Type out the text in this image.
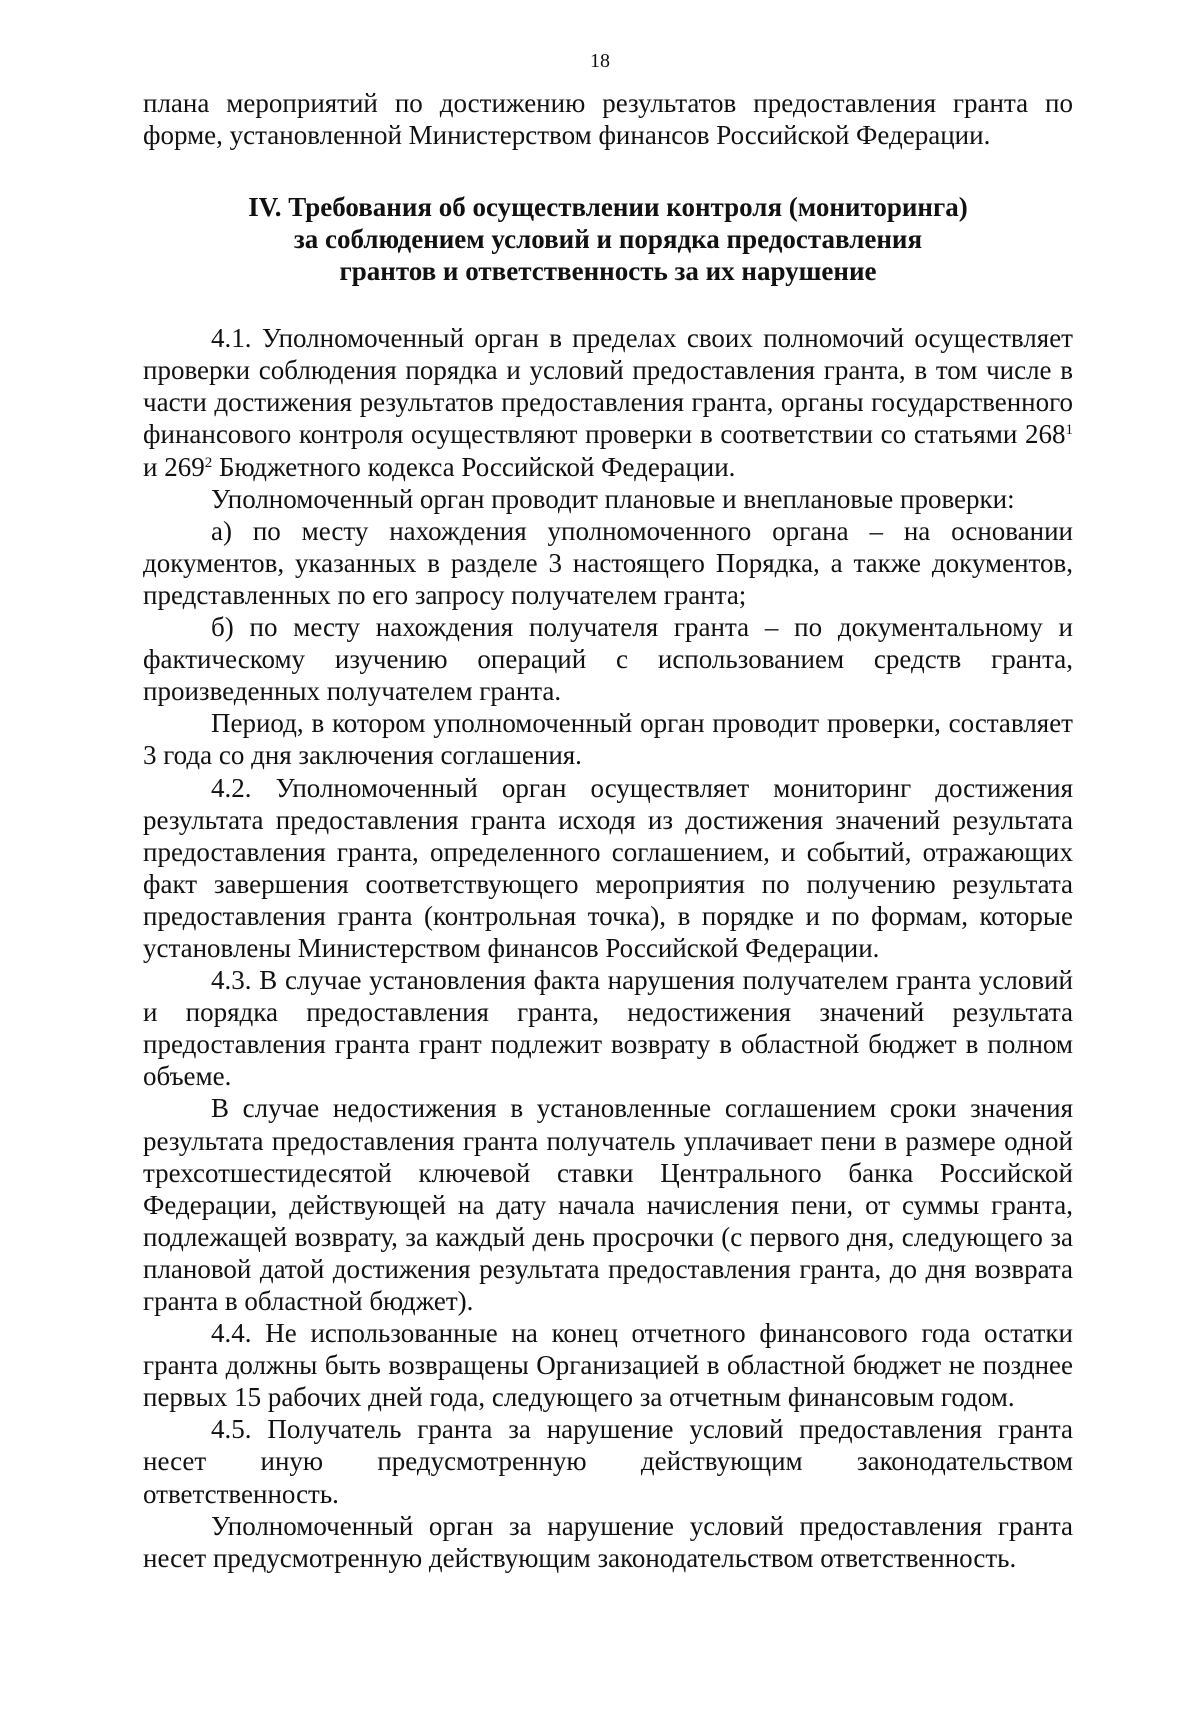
18

плана мероприятий по достижению результатов предоставления гранта по форме, установленной Министерством финансов Российской Федерации.

IV. Требования об осуществлении контроля (мониторинга)
за соблюдением условий и порядка предоставления
грантов и ответственность за их нарушение

4.1. Уполномоченный орган в пределах своих полномочий осуществляет проверки соблюдения порядка и условий предоставления гранта, в том числе в части достижения результатов предоставления гранта, органы государственного финансового контроля осуществляют проверки в соответствии со статьями $268^1$ и $269^2$ Бюджетного кодекса Российской Федерации.

Уполномоченный орган проводит плановые и внеплановые проверки:

а) по месту нахождения уполномоченного органа – на основании документов, указанных в разделе 3 настоящего Порядка, а также документов, представленных по его запросу получателем гранта;

б) по месту нахождения получателя гранта – по документальному и фактическому изучению операций с использованием средств гранта, произведенных получателем гранта.

Период, в котором уполномоченный орган проводит проверки, составляет 3 года со дня заключения соглашения.

4.2. Уполномоченный орган осуществляет мониторинг достижения результата предоставления гранта исходя из достижения значений результата предоставления гранта, определенного соглашением, и событий, отражающих факт завершения соответствующего мероприятия по получению результата предоставления гранта (контрольная точка), в порядке и по формам, которые установлены Министерством финансов Российской Федерации.

4.3. В случае установления факта нарушения получателем гранта условий и порядка предоставления гранта, недостижения значений результата предоставления гранта грант подлежит возврату в областной бюджет в полном объеме.

В случае недостижения в установленные соглашением сроки значения результата предоставления гранта получатель уплачивает пени в размере одной трехсотшестидесятой ключевой ставки Центрального банка Российской Федерации, действующей на дату начала начисления пени, от суммы гранта, подлежащей возврату, за каждый день просрочки (с первого дня, следующего за плановой датой достижения результата предоставления гранта, до дня возврата гранта в областной бюджет).

4.4. Не использованные на конец отчетного финансового года остатки гранта должны быть возвращены Организацией в областной бюджет не позднее первых 15 рабочих дней года, следующего за отчетным финансовым годом.

4.5. Получатель гранта за нарушение условий предоставления гранта несет иную предусмотренную действующим законодательством ответственность.

Уполномоченный орган за нарушение условий предоставления гранта несет предусмотренную действующим законодательством ответственность.
